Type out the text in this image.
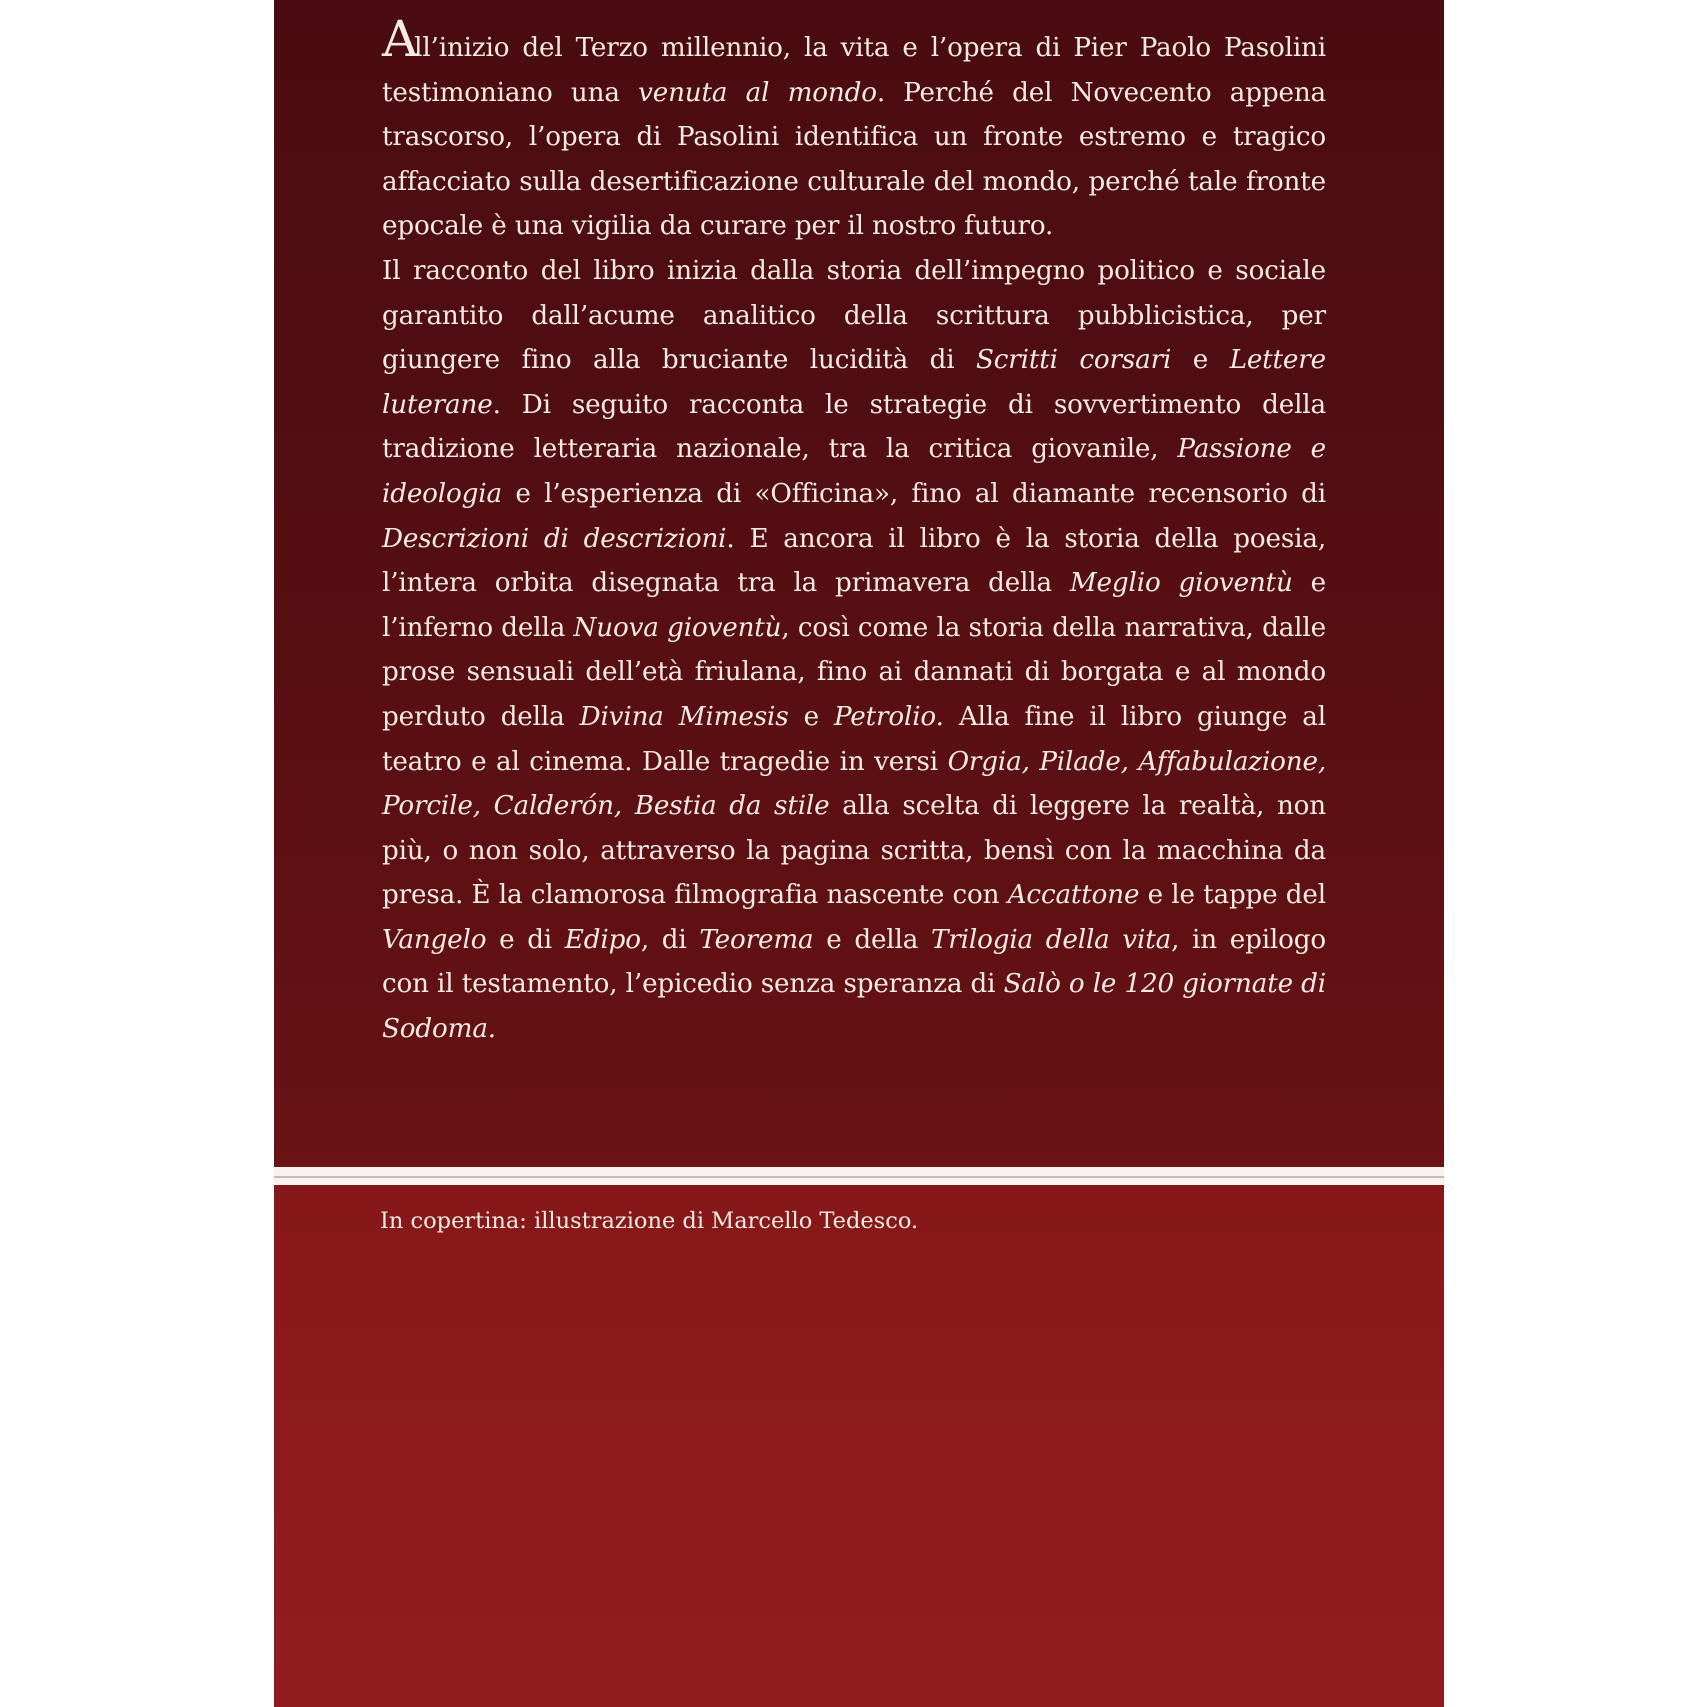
All’inizio del Terzo millennio, la vita e l’opera di Pier Paolo Pasolini testimoniano una venuta al mondo. Perché del Novecento appena trascorso, l’opera di Pasolini identifica un fronte estremo e tragico affacciato sulla desertificazione culturale del mondo, perché tale fronte epocale è una vigilia da curare per il nostro futuro.

Il racconto del libro inizia dalla storia dell’impegno politico e sociale garantito dall’acume analitico della scrittura pubblicistica, per giungere fino alla bruciante lucidità di Scritti corsari e Lettere luterane. Di seguito racconta le strategie di sovvertimento della tradizione letteraria nazionale, tra la critica giovanile, Passione e ideologia e l’esperienza di «Officina», fino al diamante recensorio di Descrizioni di descrizioni. E ancora il libro è la storia della poesia, l’intera orbita disegnata tra la primavera della Meglio gioventù e l’inferno della Nuova gioventù, così come la storia della narrativa, dalle prose sensuali dell’età friulana, fino ai dannati di borgata e al mondo perduto della Divina Mimesis e Petrolio. Alla fine il libro giunge al teatro e al cinema. Dalle tragedie in versi Orgia, Pilade, Affabulazione, Porcile, Calderón, Bestia da stile alla scelta di leggere la realtà, non più, o non solo, attraverso la pagina scritta, bensì con la macchina da presa. È la clamorosa filmografia nascente con Accattone e le tappe del Vangelo e di Edipo, di Teorema e della Trilogia della vita, in epilogo con il testamento, l’epicedio senza speranza di Salò o le 120 giornate di Sodoma.

In copertina: illustrazione di Marcello Tedesco.
